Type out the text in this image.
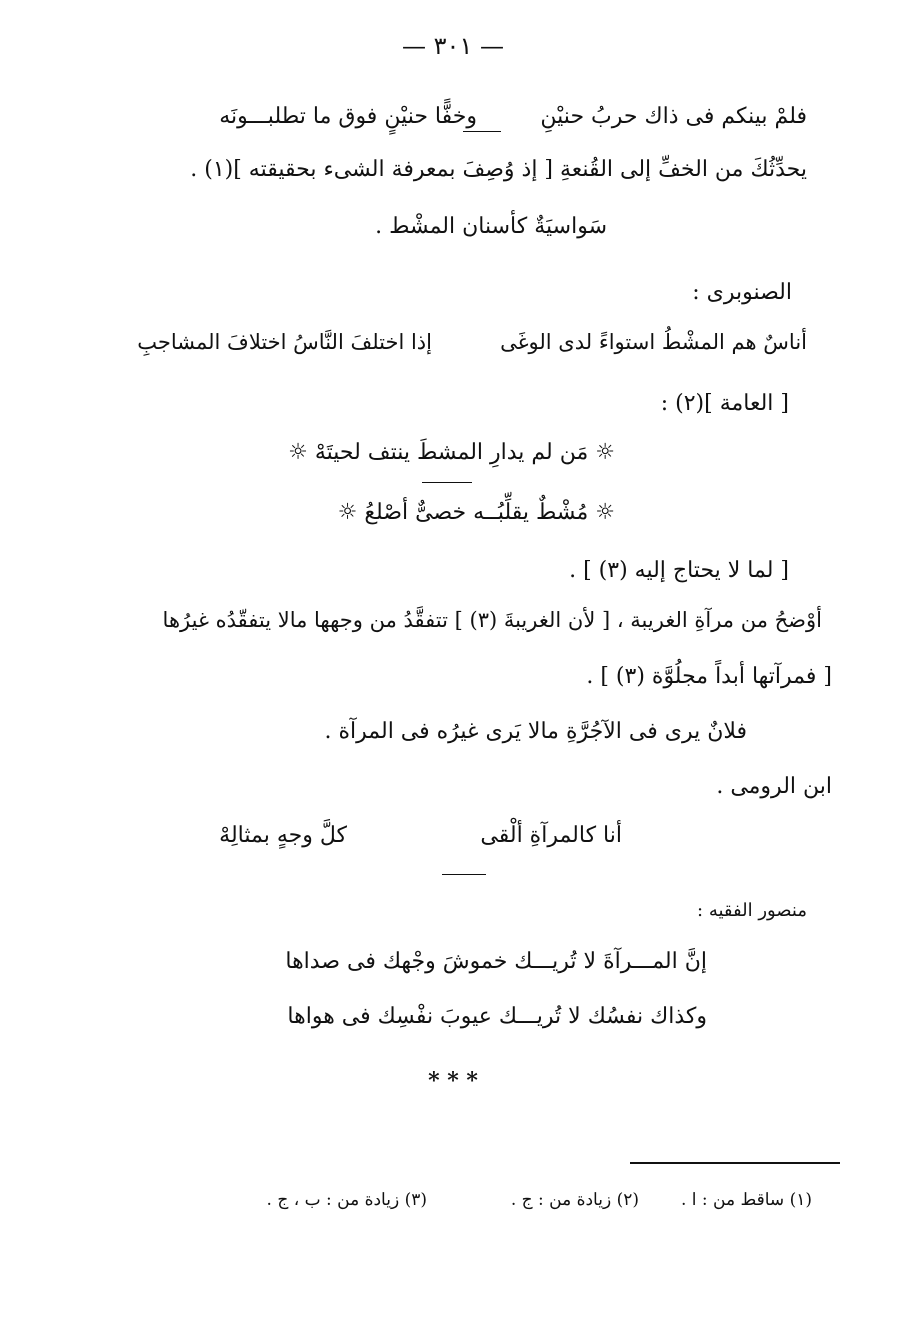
— ٣٠١ —
فلمْ بينكم فى ذاك حربُ حنيْنِ
وخفًّا حنيْنٍ فوق ما تطلبـــونَه
يحدِّثُكَ من الخفِّ إلى القُنعةِ [ إذ وُصِفَ بمعرفة الشىء بحقيقته ](١) .
سَواسيَةٌ كأسنان المشْط .
الصنوبرى :
إذا اختلفَ النَّاسُ اختلافَ المشاجبِ	أناسٌ هم المشْطُ استواءً لدى الوغَى
[ العامة ](٢) :
☼ مَن لم يدارِ المشطَ ينتف لحيتَهْ ☼
☼ مُشْطٌ يقلِّبُــه خصىٌّ أصْلعُ ☼
[ لما لا يحتاج إليه (٣) ] .
أوْضحُ من مرآةِ الغريبة ، [ لأن الغريبةَ (٣) ] تتفقَّدُ من وجهها مالا يتفقّدُه غيرُها
[ فمرآتها أبداً مجلُوَّة (٣) ] .
فلانٌ يرى فى الآجُرَّةِ مالا يَرى غيرُه فى المرآة .
ابن الرومى .
كلَّ وجهٍ بمثالِهْ	أنا كالمرآةِ ألْقى
منصور الفقيه :
إنَّ المـــرآةَ لا تُريـــك خموشَ وجْهك فى صداها
وكذاك نفسُك لا تُريـــك عيوبَ نفْسِك فى هواها
* * *
(١) ساقط من : ا .
(٢) زيادة من : ج .
(٣) زيادة من : ب ، ج .
